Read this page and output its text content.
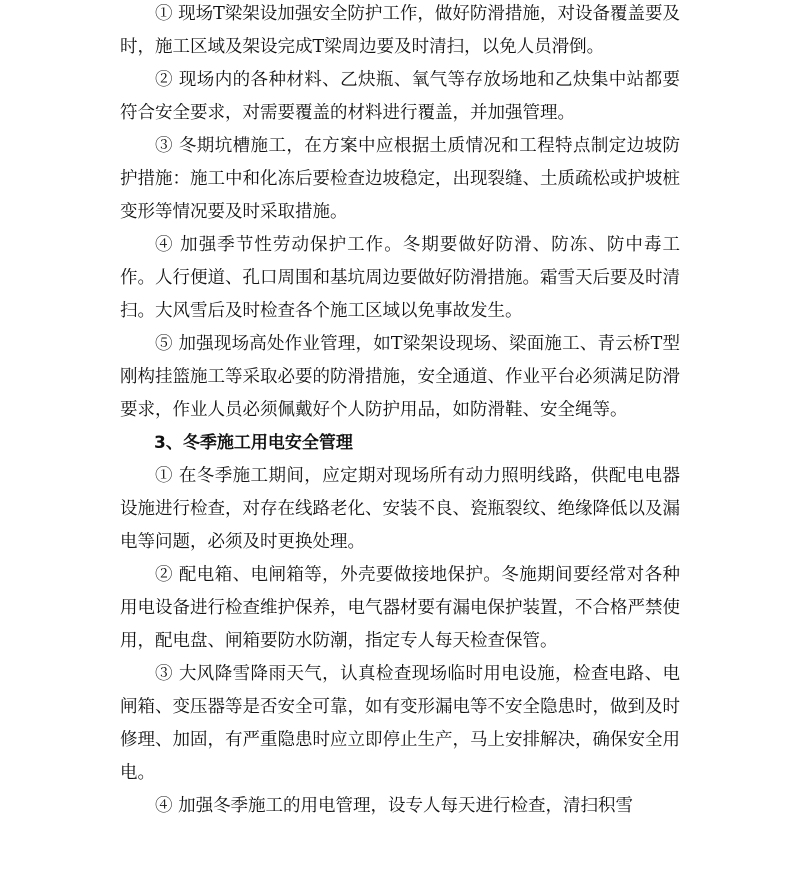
① 现场T梁架设加强安全防护工作，做好防滑措施，对设备覆盖要及时，施工区域及架设完成T梁周边要及时清扫，以免人员滑倒。

② 现场内的各种材料、乙炔瓶、氧气等存放场地和乙炔集中站都要符合安全要求，对需要覆盖的材料进行覆盖，并加强管理。

③ 冬期坑槽施工，在方案中应根据土质情况和工程特点制定边坡防护措施：施工中和化冻后要检查边坡稳定，出现裂缝、土质疏松或护坡桩变形等情况要及时采取措施。

④ 加强季节性劳动保护工作。冬期要做好防滑、防冻、防中毒工作。人行便道、孔口周围和基坑周边要做好防滑措施。霜雪天后要及时清扫。大风雪后及时检查各个施工区域以免事故发生。

⑤ 加强现场高处作业管理，如T梁架设现场、梁面施工、青云桥T型刚构挂篮施工等采取必要的防滑措施，安全通道、作业平台必须满足防滑要求，作业人员必须佩戴好个人防护用品，如防滑鞋、安全绳等。

3、冬季施工用电安全管理

① 在冬季施工期间，应定期对现场所有动力照明线路，供配电电器设施进行检查，对存在线路老化、安装不良、瓷瓶裂纹、绝缘降低以及漏电等问题，必须及时更换处理。

② 配电箱、电闸箱等，外壳要做接地保护。冬施期间要经常对各种用电设备进行检查维护保养，电气器材要有漏电保护装置，不合格严禁使用，配电盘、闸箱要防水防潮，指定专人每天检查保管。

③ 大风降雪降雨天气，认真检查现场临时用电设施，检查电路、电闸箱、变压器等是否安全可靠，如有变形漏电等不安全隐患时，做到及时修理、加固，有严重隐患时应立即停止生产，马上安排解决，确保安全用电。

④ 加强冬季施工的用电管理，设专人每天进行检查，清扫积雪
